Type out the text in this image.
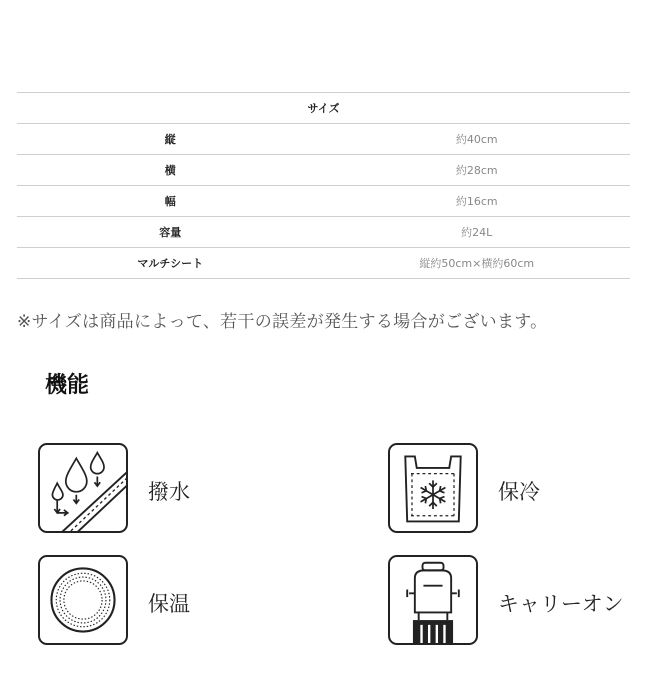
サイズ	
縦	約40cm
横	約28cm
幅	約16cm
容量	約24L
マルチシート	縦約50cm×横約60cm
※サイズは商品によって、若干の誤差が発生する場合がございます。
機能
撥水	保冷
保温	キャリーオン
